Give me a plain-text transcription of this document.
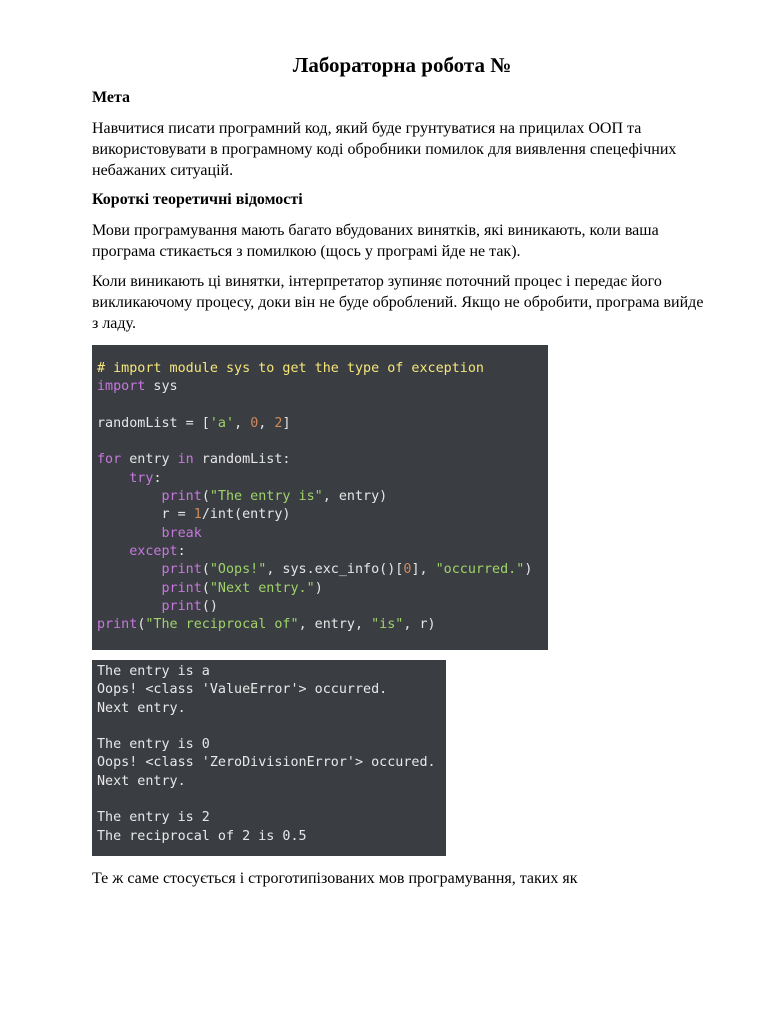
Лабораторна робота №
Мета
Навчитися писати програмний код, який буде грунтуватися на прицилах ООП та використовувати в програмному коді обробники помилок для виявлення спецефічних небажаних ситуацій.
Короткі теоретичні відомості
Мови програмування мають багато вбудованих винятків, які виникають, коли ваша програма стикається з помилкою (щось у програмі йде не так).
Коли виникають ці винятки, інтерпретатор зупиняє поточний процес і передає його викликаючому процесу, доки він не буде оброблений. Якщо не обробити, програма вийде з ладу.
# import module sys to get the type of exception
import sys
randomList = ['a', 0, 2]
for entry in randomList:
try:
print("The entry is", entry)
r = 1/int(entry)
break
except:
print("Oops!", sys.exc_info()[0], "occurred.")
print("Next entry.")
print()
print("The reciprocal of", entry, "is", r)
The entry is a
Oops! <class 'ValueError'> occurred.
Next entry.
The entry is 0
Oops! <class 'ZeroDivisionError'> occured.
Next entry.
The entry is 2
The reciprocal of 2 is 0.5
Те ж саме стосується і строготипізованих мов програмування, таких як
